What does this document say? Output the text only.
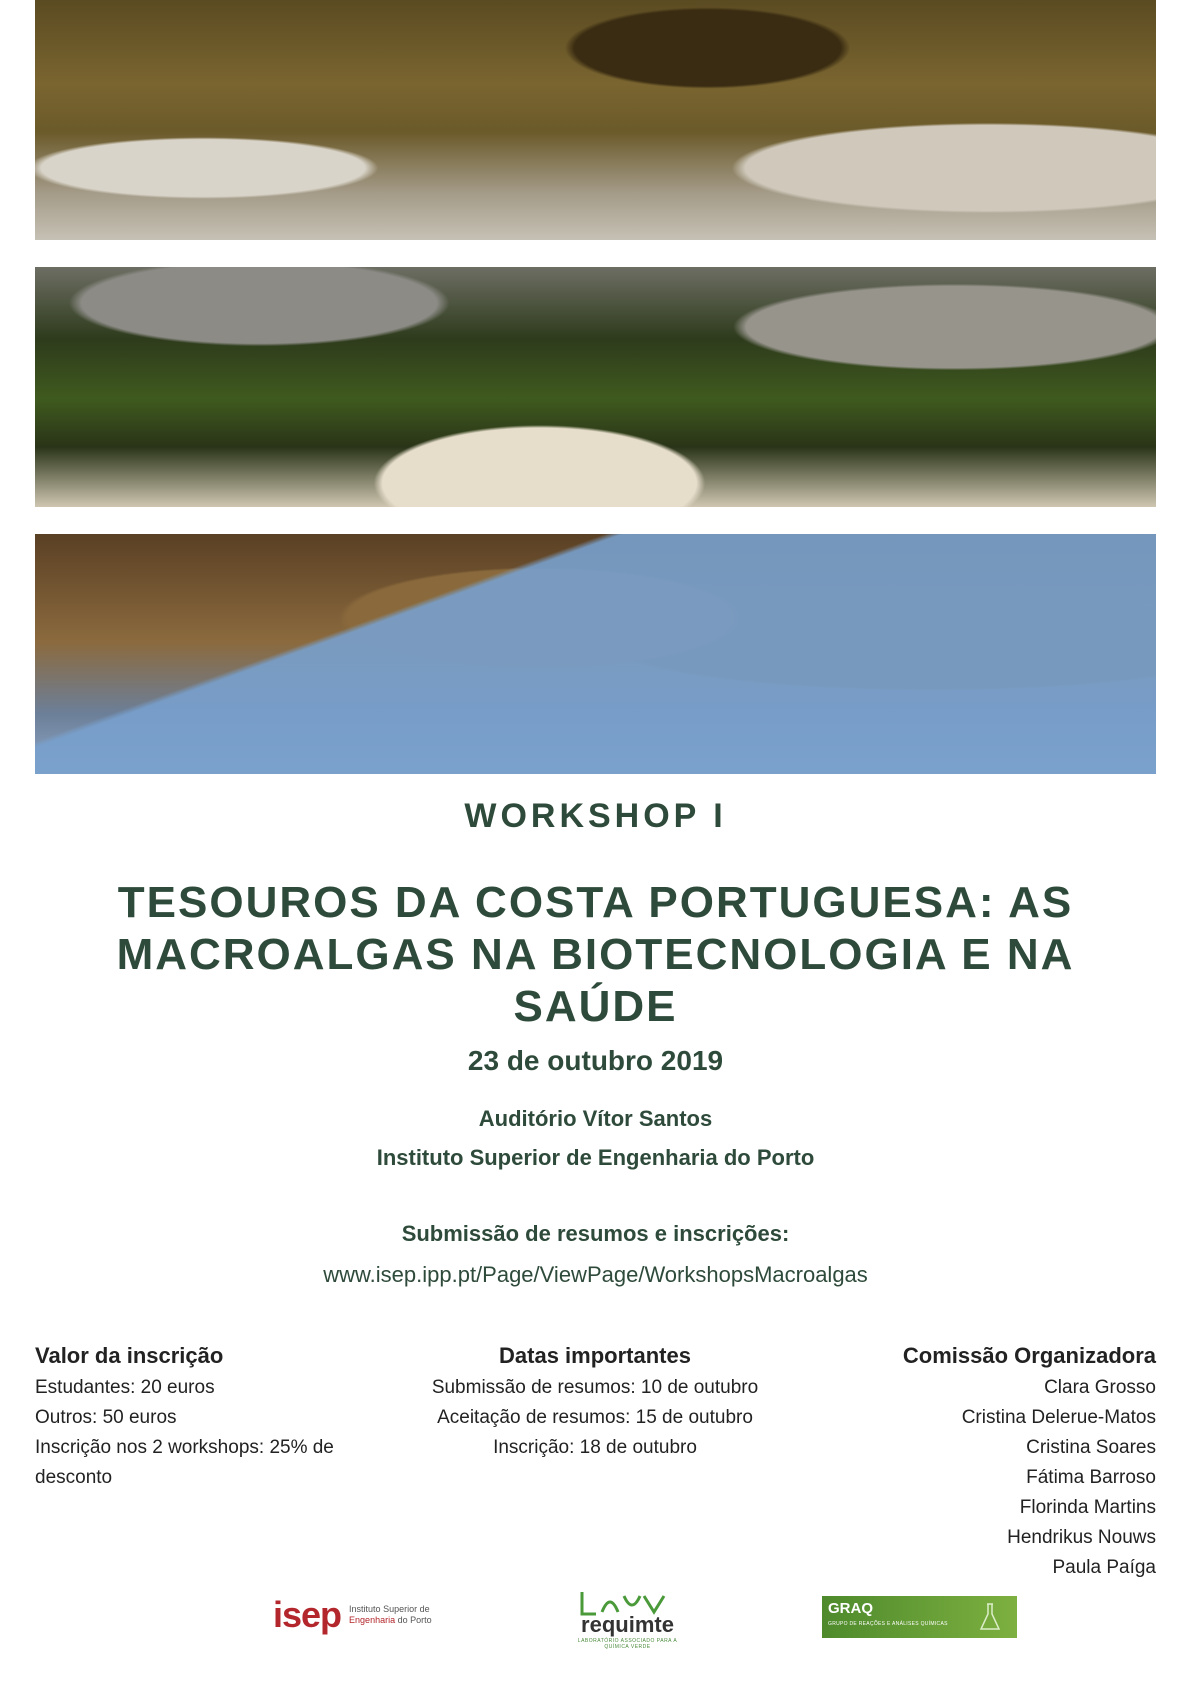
WORKSHOP I
TESOUROS DA COSTA PORTUGUESA: AS MACROALGAS NA BIOTECNOLOGIA E NA SAÚDE
23 de outubro 2019
Auditório Vítor Santos
Instituto Superior de Engenharia do Porto
Submissão de resumos e inscrições:
www.isep.ipp.pt/Page/ViewPage/WorkshopsMacroalgas
Valor da inscrição
Estudantes: 20 euros
Outros: 50 euros
Inscrição nos 2 workshops: 25% de desconto
Datas importantes
Submissão de resumos: 10 de outubro
Aceitação de resumos: 15 de outubro
Inscrição: 18 de outubro
Comissão Organizadora
Clara Grosso
Cristina Delerue-Matos
Cristina Soares
Fátima Barroso
Florinda Martins
Hendrikus Nouws
Paula Paíga
isep Instituto Superior de
Engenharia do Porto	requimte
LABORATÓRIO ASSOCIADO PARA A QUÍMICA VERDE
GRAQ
GRUPO DE REAÇÕES E ANÁLISES QUÍMICAS
